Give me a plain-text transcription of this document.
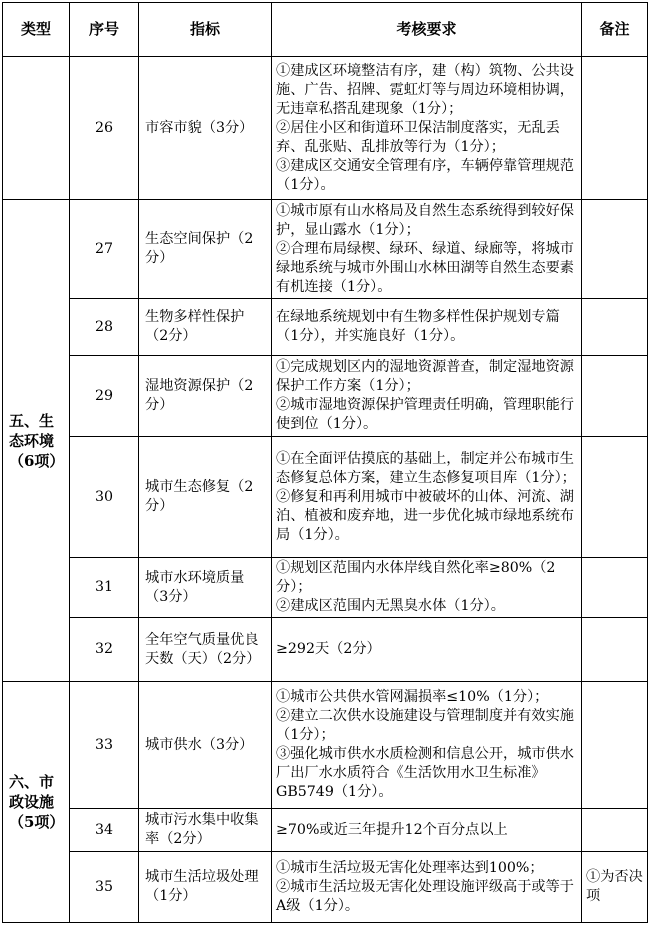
类型	序号	指标	考核要求	备注
	26	市容市貌（3分）	①建成区环境整洁有序，建（构）筑物、公共设施、广告、招牌、霓虹灯等与周边环境相协调，无违章私搭乱建现象（1分）；
②居住小区和街道环卫保洁制度落实，无乱丢弃、乱张贴、乱排放等行为（1分）；
③建成区交通安全管理有序，车辆停靠管理规范（1分）。	

五、生态环境（6项）	27	生态空间保护（2分）	①城市原有山水格局及自然生态系统得到较好保护，显山露水（1分）；
②合理布局绿楔、绿环、绿道、绿廊等，将城市绿地系统与城市外围山水林田湖等自然生态要素有机连接（1分）。	

	28	生物多样性保护（2分）	在绿地系统规划中有生物多样性保护规划专篇（1分），并实施良好（1分）。	

	29	湿地资源保护（2分）	①完成规划区内的湿地资源普查，制定湿地资源保护工作方案（1分）；
②城市湿地资源保护管理责任明确，管理职能行使到位（1分）。	

	30	城市生态修复（2分）	①在全面评估摸底的基础上，制定并公布城市生态修复总体方案，建立生态修复项目库（1分）；
②修复和再利用城市中被破坏的山体、河流、湖泊、植被和废弃地，进一步优化城市绿地系统布局（1分）。	

	31	城市水环境质量（3分）	①规划区范围内水体岸线自然化率≥80%（2分）；
②建成区范围内无黑臭水体（1分）。	

	32	全年空气质量优良天数（天）（2分）	≥292天（2分）	

六、市政设施（5项）	33	城市供水（3分）	①城市公共供水管网漏损率≤10%（1分）；
②建立二次供水设施建设与管理制度并有效实施（1分）；
③强化城市供水水质检测和信息公开，城市供水厂出厂水水质符合《生活饮用水卫生标准》GB5749（1分）。	

	34	城市污水集中收集率（2分）	≥70%或近三年提升12个百分点以上	

	35	城市生活垃圾处理（1分）	①城市生活垃圾无害化处理率达到100%；
②城市生活垃圾无害化处理设施评级高于或等于A级（1分）。	①为否决项
